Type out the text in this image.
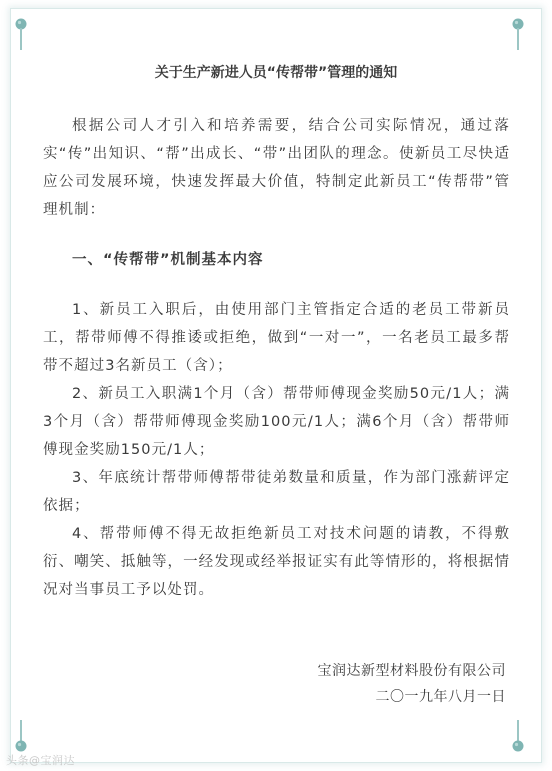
关于生产新进人员“传帮带”管理的通知

根据公司人才引入和培养需要，结合公司实际情况，通过落实“传”出知识、“帮”出成长、“带”出团队的理念。使新员工尽快适应公司发展环境，快速发挥最大价值，特制定此新员工“传帮带”管理机制：

一、“传帮带”机制基本内容

1、新员工入职后，由使用部门主管指定合适的老员工带新员工，帮带师傅不得推诿或拒绝，做到“一对一”，一名老员工最多帮带不超过3名新员工（含）；

2、新员工入职满1个月（含）帮带师傅现金奖励50元/1人；满3个月（含）帮带师傅现金奖励100元/1人；满6个月（含）帮带师傅现金奖励150元/1人；

3、年底统计帮带师傅帮带徒弟数量和质量，作为部门涨薪评定依据；

4、帮带师傅不得无故拒绝新员工对技术问题的请教，不得敷衍、嘲笑、抵触等，一经发现或经举报证实有此等情形的，将根据情况对当事员工予以处罚。

宝润达新型材料股份有限公司
二〇一九年八月一日
头条@宝润达
